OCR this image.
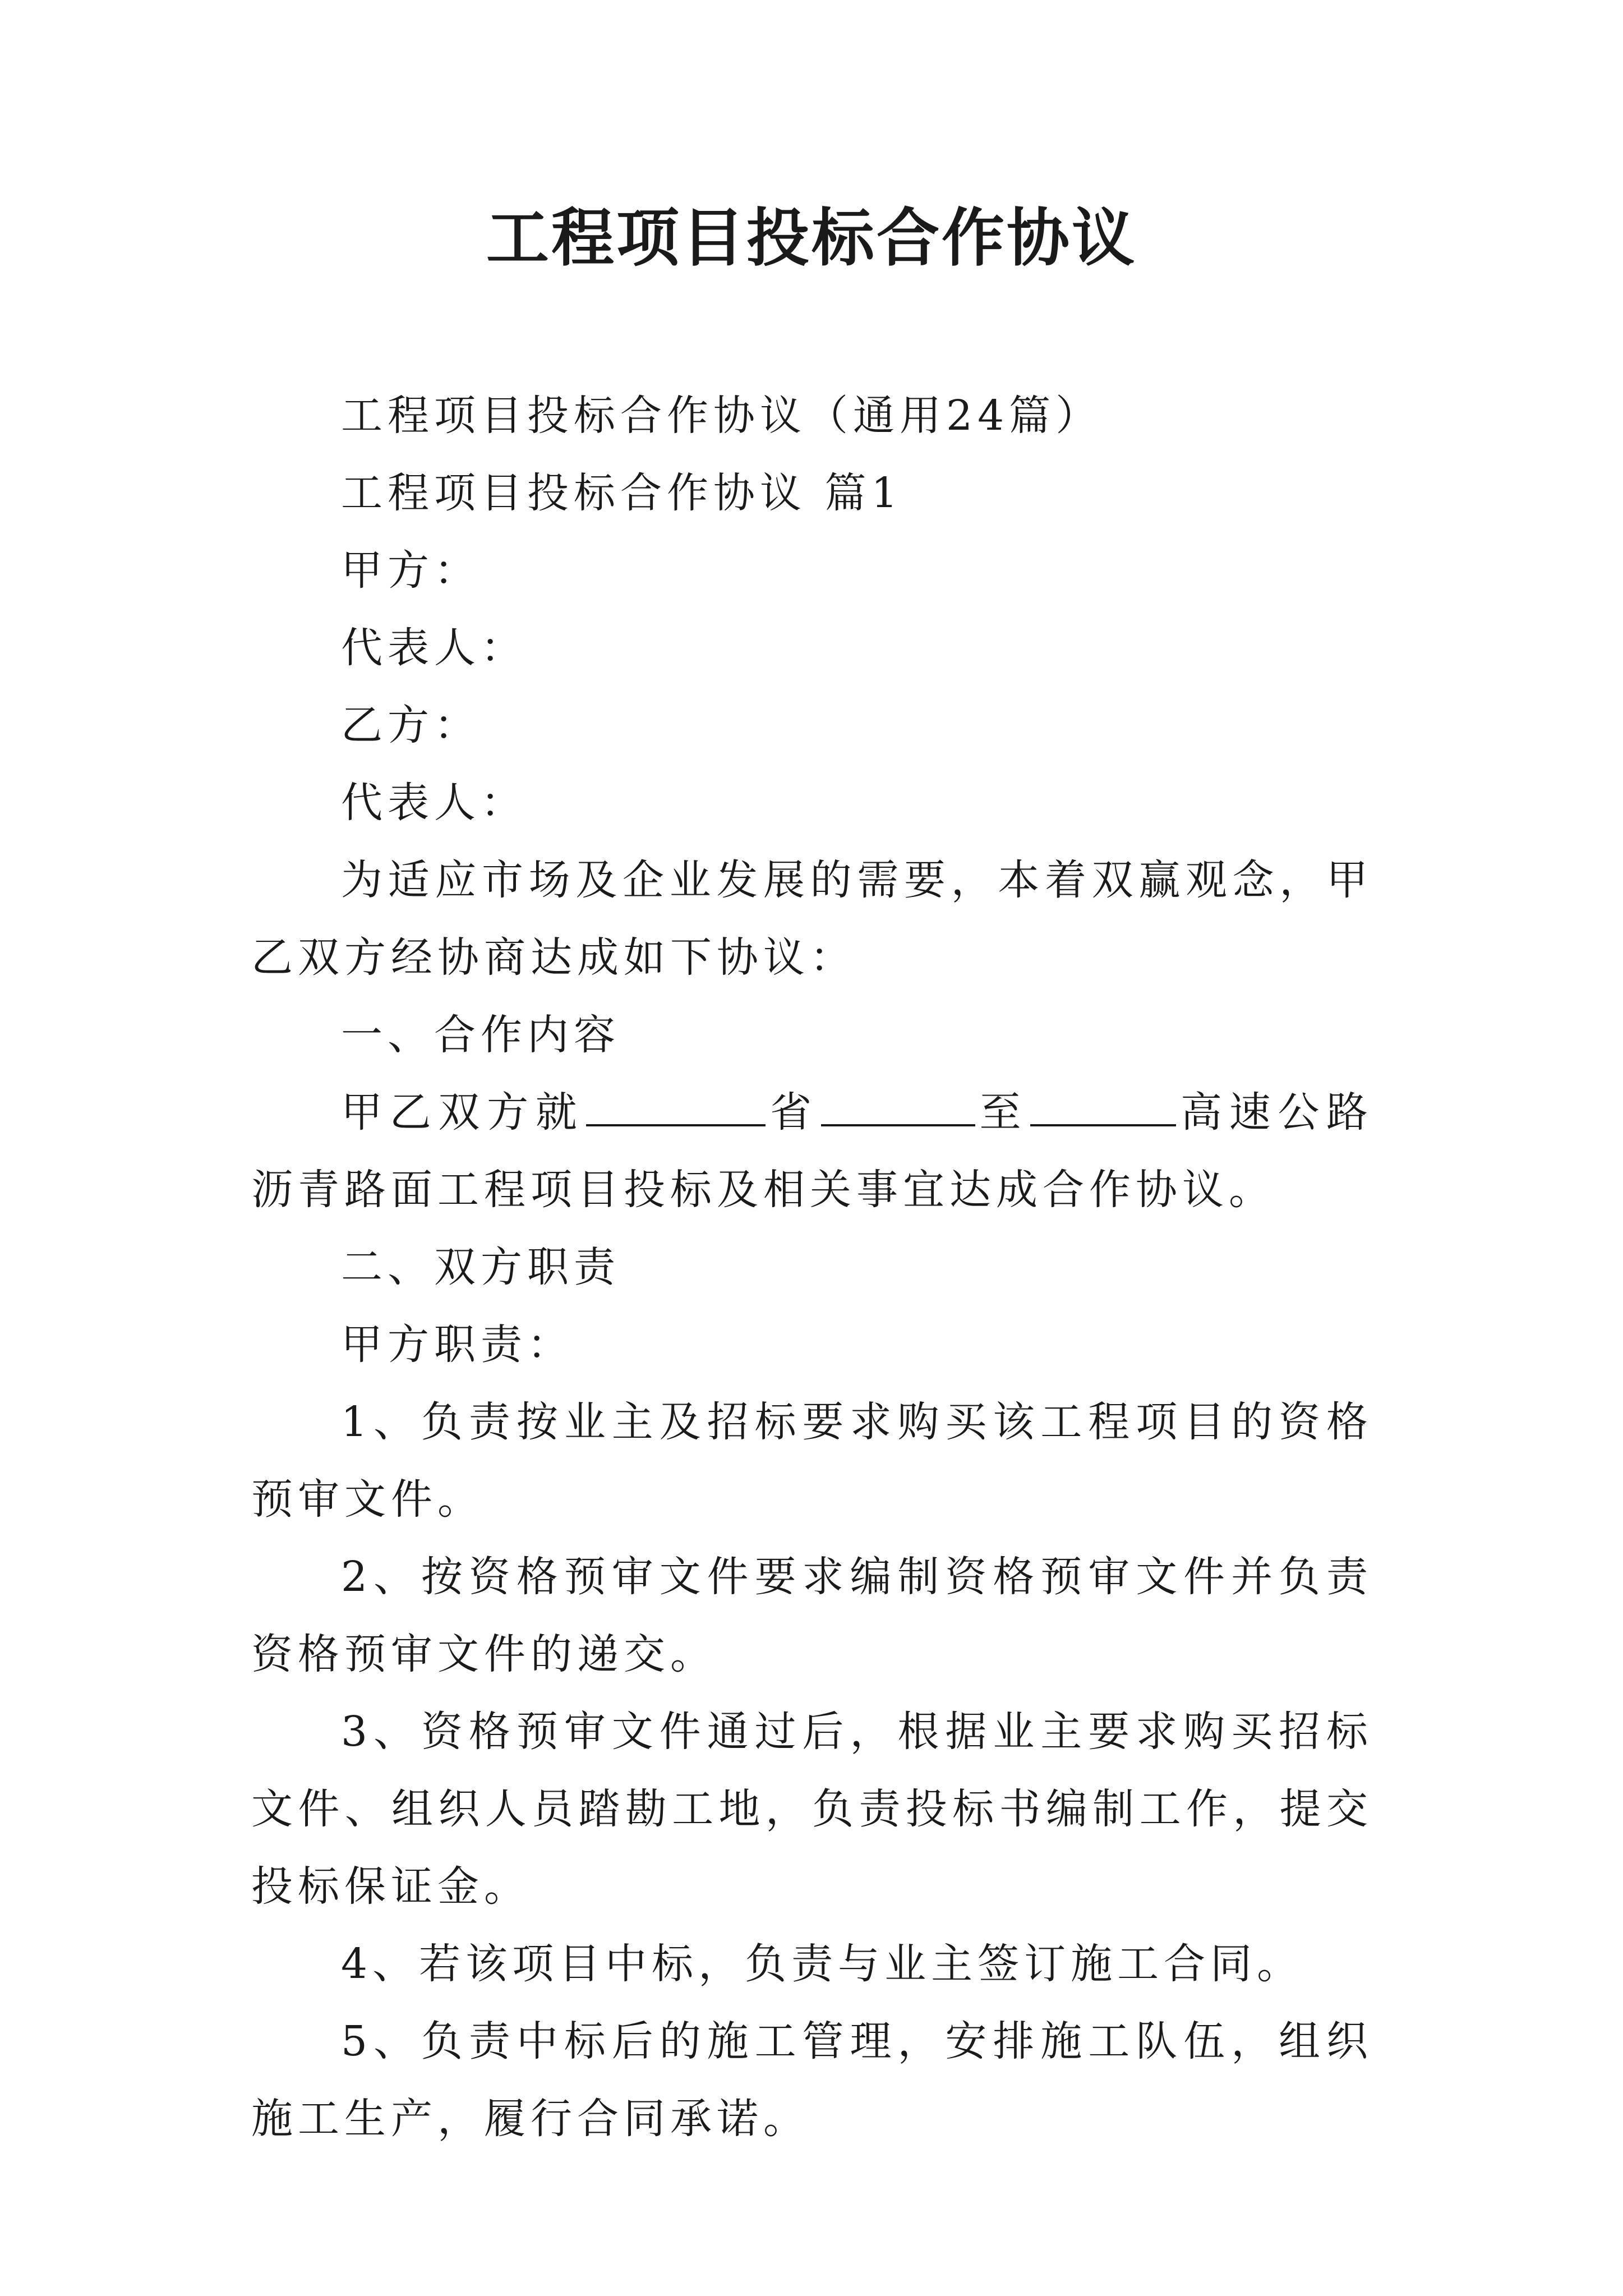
工程项目投标合作协议

工程项目投标合作协议（通用24篇）

工程项目投标合作协议 篇1

甲方：

代表人：

乙方：

代表人：

为适应市场及企业发展的需要，本着双赢观念，甲乙双方经协商达成如下协议：

一、合作内容

甲乙双方就	省	至	高速公路沥青路面工程项目投标及相关事宜达成合作协议。

二、双方职责

甲方职责：

1、负责按业主及招标要求购买该工程项目的资格预审文件。

2、按资格预审文件要求编制资格预审文件并负责资格预审文件的递交。

3、资格预审文件通过后，根据业主要求购买招标文件、组织人员踏勘工地，负责投标书编制工作，提交投标保证金。

4、若该项目中标，负责与业主签订施工合同。

5、负责中标后的施工管理，安排施工队伍，组织施工生产，履行合同承诺。
